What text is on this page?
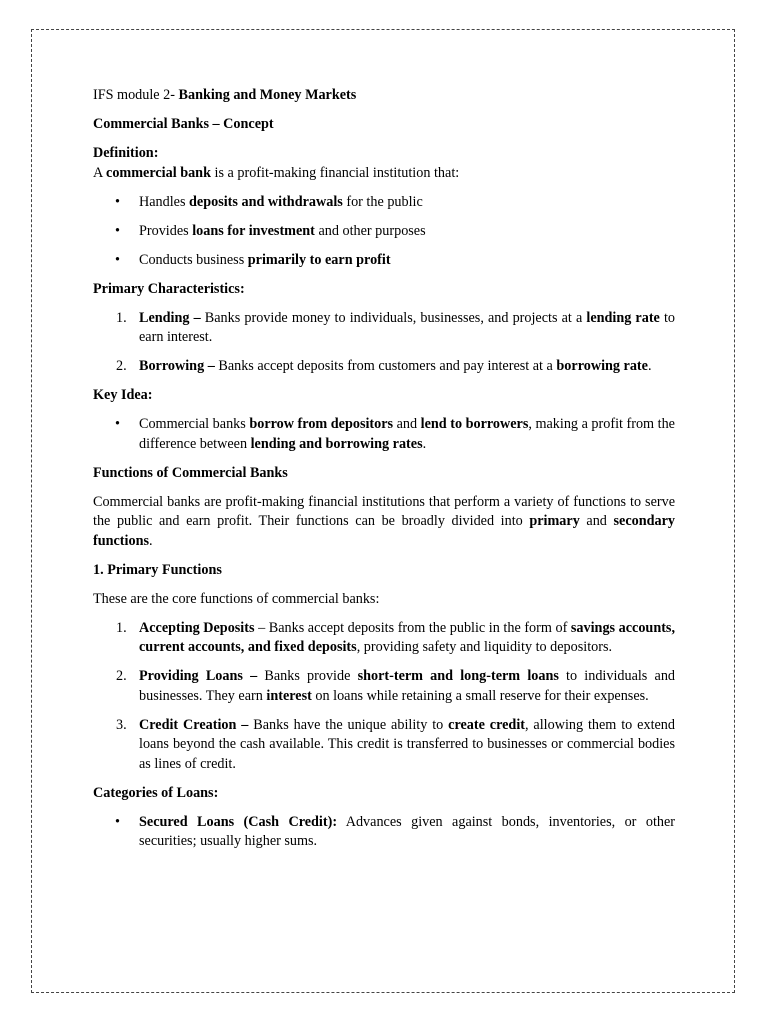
IFS module 2- Banking and Money Markets

Commercial Banks – Concept

Definition:

A commercial bank is a profit-making financial institution that:

• Handles deposits and withdrawals for the public
• Provides loans for investment and other purposes
• Conducts business primarily to earn profit

Primary Characteristics:

1. Lending – Banks provide money to individuals, businesses, and projects at a lending rate to earn interest.
2. Borrowing – Banks accept deposits from customers and pay interest at a borrowing rate.

Key Idea:

• Commercial banks borrow from depositors and lend to borrowers, making a profit from the difference between lending and borrowing rates.

Functions of Commercial Banks

Commercial banks are profit-making financial institutions that perform a variety of functions to serve the public and earn profit. Their functions can be broadly divided into primary and secondary functions.

1. Primary Functions

These are the core functions of commercial banks:

1. Accepting Deposits – Banks accept deposits from the public in the form of savings accounts, current accounts, and fixed deposits, providing safety and liquidity to depositors.
2. Providing Loans – Banks provide short-term and long-term loans to individuals and businesses. They earn interest on loans while retaining a small reserve for their expenses.
3. Credit Creation – Banks have the unique ability to create credit, allowing them to extend loans beyond the cash available. This credit is transferred to businesses or commercial bodies as lines of credit.

Categories of Loans:

• Secured Loans (Cash Credit): Advances given against bonds, inventories, or other securities; usually higher sums.
